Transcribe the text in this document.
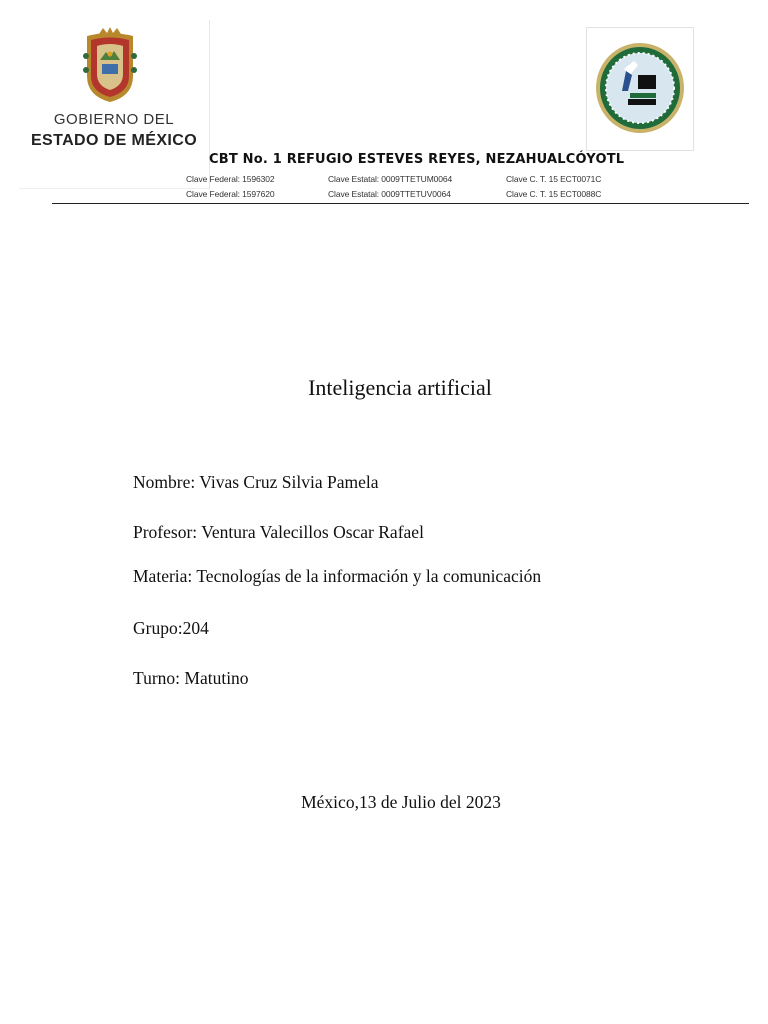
GOBIERNO DEL
ESTADO DE MÉXICO
CBT No. 1 REFUGIO ESTEVES REYES, NEZAHUALCÓYOTL
Clave Federal: 1596302	Clave Estatal: 0009TTETUM0064	Clave C. T. 15 ECT0071C
Clave Federal: 1597620	Clave Estatal: 0009TTETUV0064	Clave C. T. 15 ECT0088C
Inteligencia artificial
Nombre: Vivas Cruz Silvia Pamela
Profesor: Ventura Valecillos Oscar Rafael
Materia: Tecnologías de la información y la comunicación
Grupo:204
Turno: Matutino
México,13 de Julio del 2023
